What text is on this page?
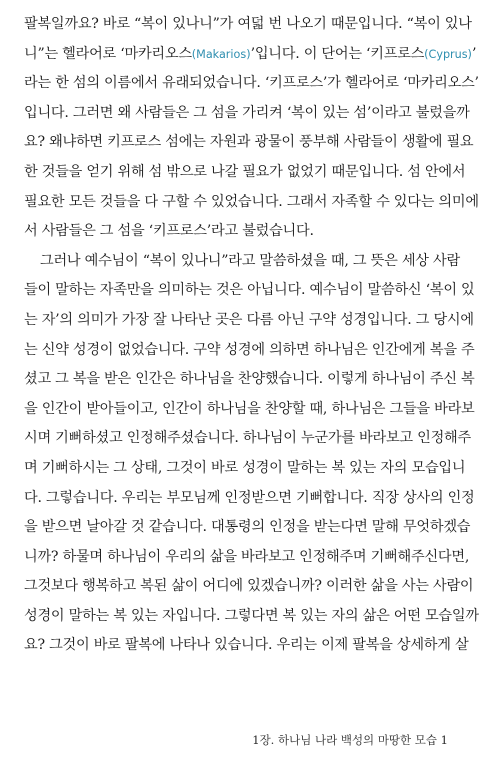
팔복일까요? 바로 “복이 있나니”가 여덟 번 나오기 때문입니다. “복이 있나
니”는 헬라어로 ‘마카리오스(Makarios)’입니다. 이 단어는 ‘키프로스(Cyprus)’
라는 한 섬의 이름에서 유래되었습니다. ‘키프로스’가 헬라어로 ‘마카리오스’
입니다. 그러면 왜 사람들은 그 섬을 가리켜 ‘복이 있는 섬’이라고 불렀을까
요? 왜냐하면 키프로스 섬에는 자원과 광물이 풍부해 사람들이 생활에 필요
한 것들을 얻기 위해 섬 밖으로 나갈 필요가 없었기 때문입니다. 섬 안에서
필요한 모든 것들을 다 구할 수 있었습니다. 그래서 자족할 수 있다는 의미에
서 사람들은 그 섬을 ‘키프로스’라고 불렀습니다.
그러나 예수님이 “복이 있나니”라고 말씀하셨을 때, 그 뜻은 세상 사람
들이 말하는 자족만을 의미하는 것은 아닙니다. 예수님이 말씀하신 ‘복이 있
는 자’의 의미가 가장 잘 나타난 곳은 다름 아닌 구약 성경입니다. 그 당시에
는 신약 성경이 없었습니다. 구약 성경에 의하면 하나님은 인간에게 복을 주
셨고 그 복을 받은 인간은 하나님을 찬양했습니다. 이렇게 하나님이 주신 복
을 인간이 받아들이고, 인간이 하나님을 찬양할 때, 하나님은 그들을 바라보
시며 기뻐하셨고 인정해주셨습니다. 하나님이 누군가를 바라보고 인정해주
며 기뻐하시는 그 상태, 그것이 바로 성경이 말하는 복 있는 자의 모습입니
다. 그렇습니다. 우리는 부모님께 인정받으면 기뻐합니다. 직장 상사의 인정
을 받으면 날아갈 것 같습니다. 대통령의 인정을 받는다면 말해 무엇하겠습
니까? 하물며 하나님이 우리의 삶을 바라보고 인정해주며 기뻐해주신다면,
그것보다 행복하고 복된 삶이 어디에 있겠습니까? 이러한 삶을 사는 사람이
성경이 말하는 복 있는 자입니다. 그렇다면 복 있는 자의 삶은 어떤 모습일까
요? 그것이 바로 팔복에 나타나 있습니다. 우리는 이제 팔복을 상세하게 살
1장. 하나님 나라 백성의 마땅한 모습 1
